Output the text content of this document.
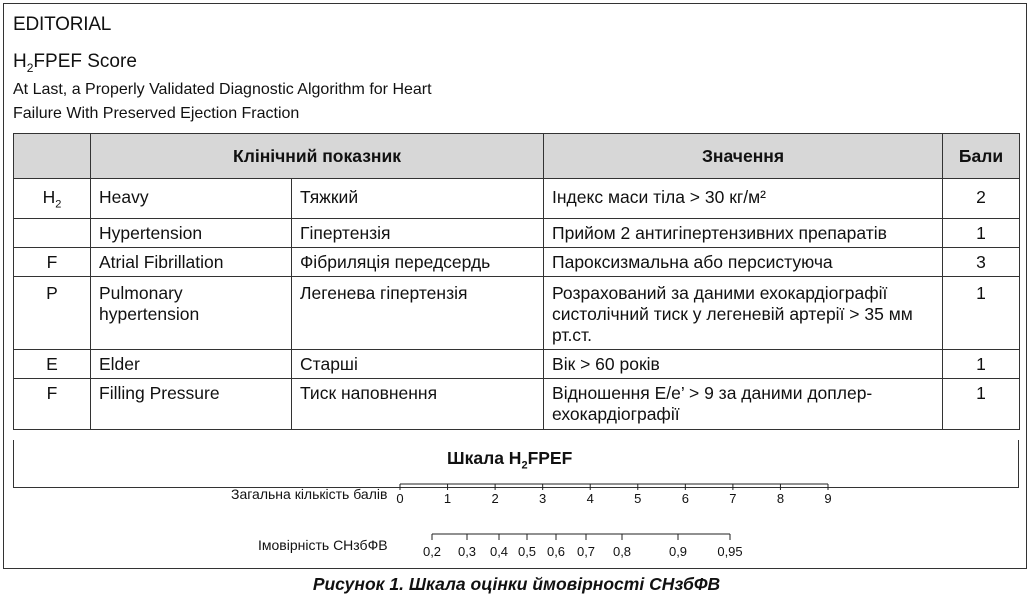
EDITORIAL
$H_2FPEF$ Score
At Last, a Properly Validated Diagnostic Algorithm for Heart
Failure With Preserved Ejection Fraction
	Клінічний показник		Значення	Бали
$H_2$	Heavy	Тяжкий	Індекс маси тіла > 30 кг/м²	2
	Hypertension	Гіпертензія	Прийом 2 антигіпертензивних препаратів	1
F	Atrial Fibrillation	Фібриляція передсердь	Пароксизмальна або персистуюча	3
P	Pulmonary hypertension	Легенева гіпертензія	Розрахований за даними ехокардіографії систолічний тиск у легеневій артерії > 35 мм рт.ст.	1
E	Elder	Старші	Вік > 60 років	1
F	Filling Pressure	Тиск наповнення	Відношення Е/е’ > 9 за даними доплер-ехокардіографії	1
Шкала $H_2FPEF$
Загальна кількість балів
Імовірність СНзбФВ
0	1	2	3	4	5	6	7	8	9
0,2 0,3 0,4 0,5 0,6 0,7 0,8	0,9 0,95
Рисунок 1. Шкала оцінки ймовірності СНзбФВ
